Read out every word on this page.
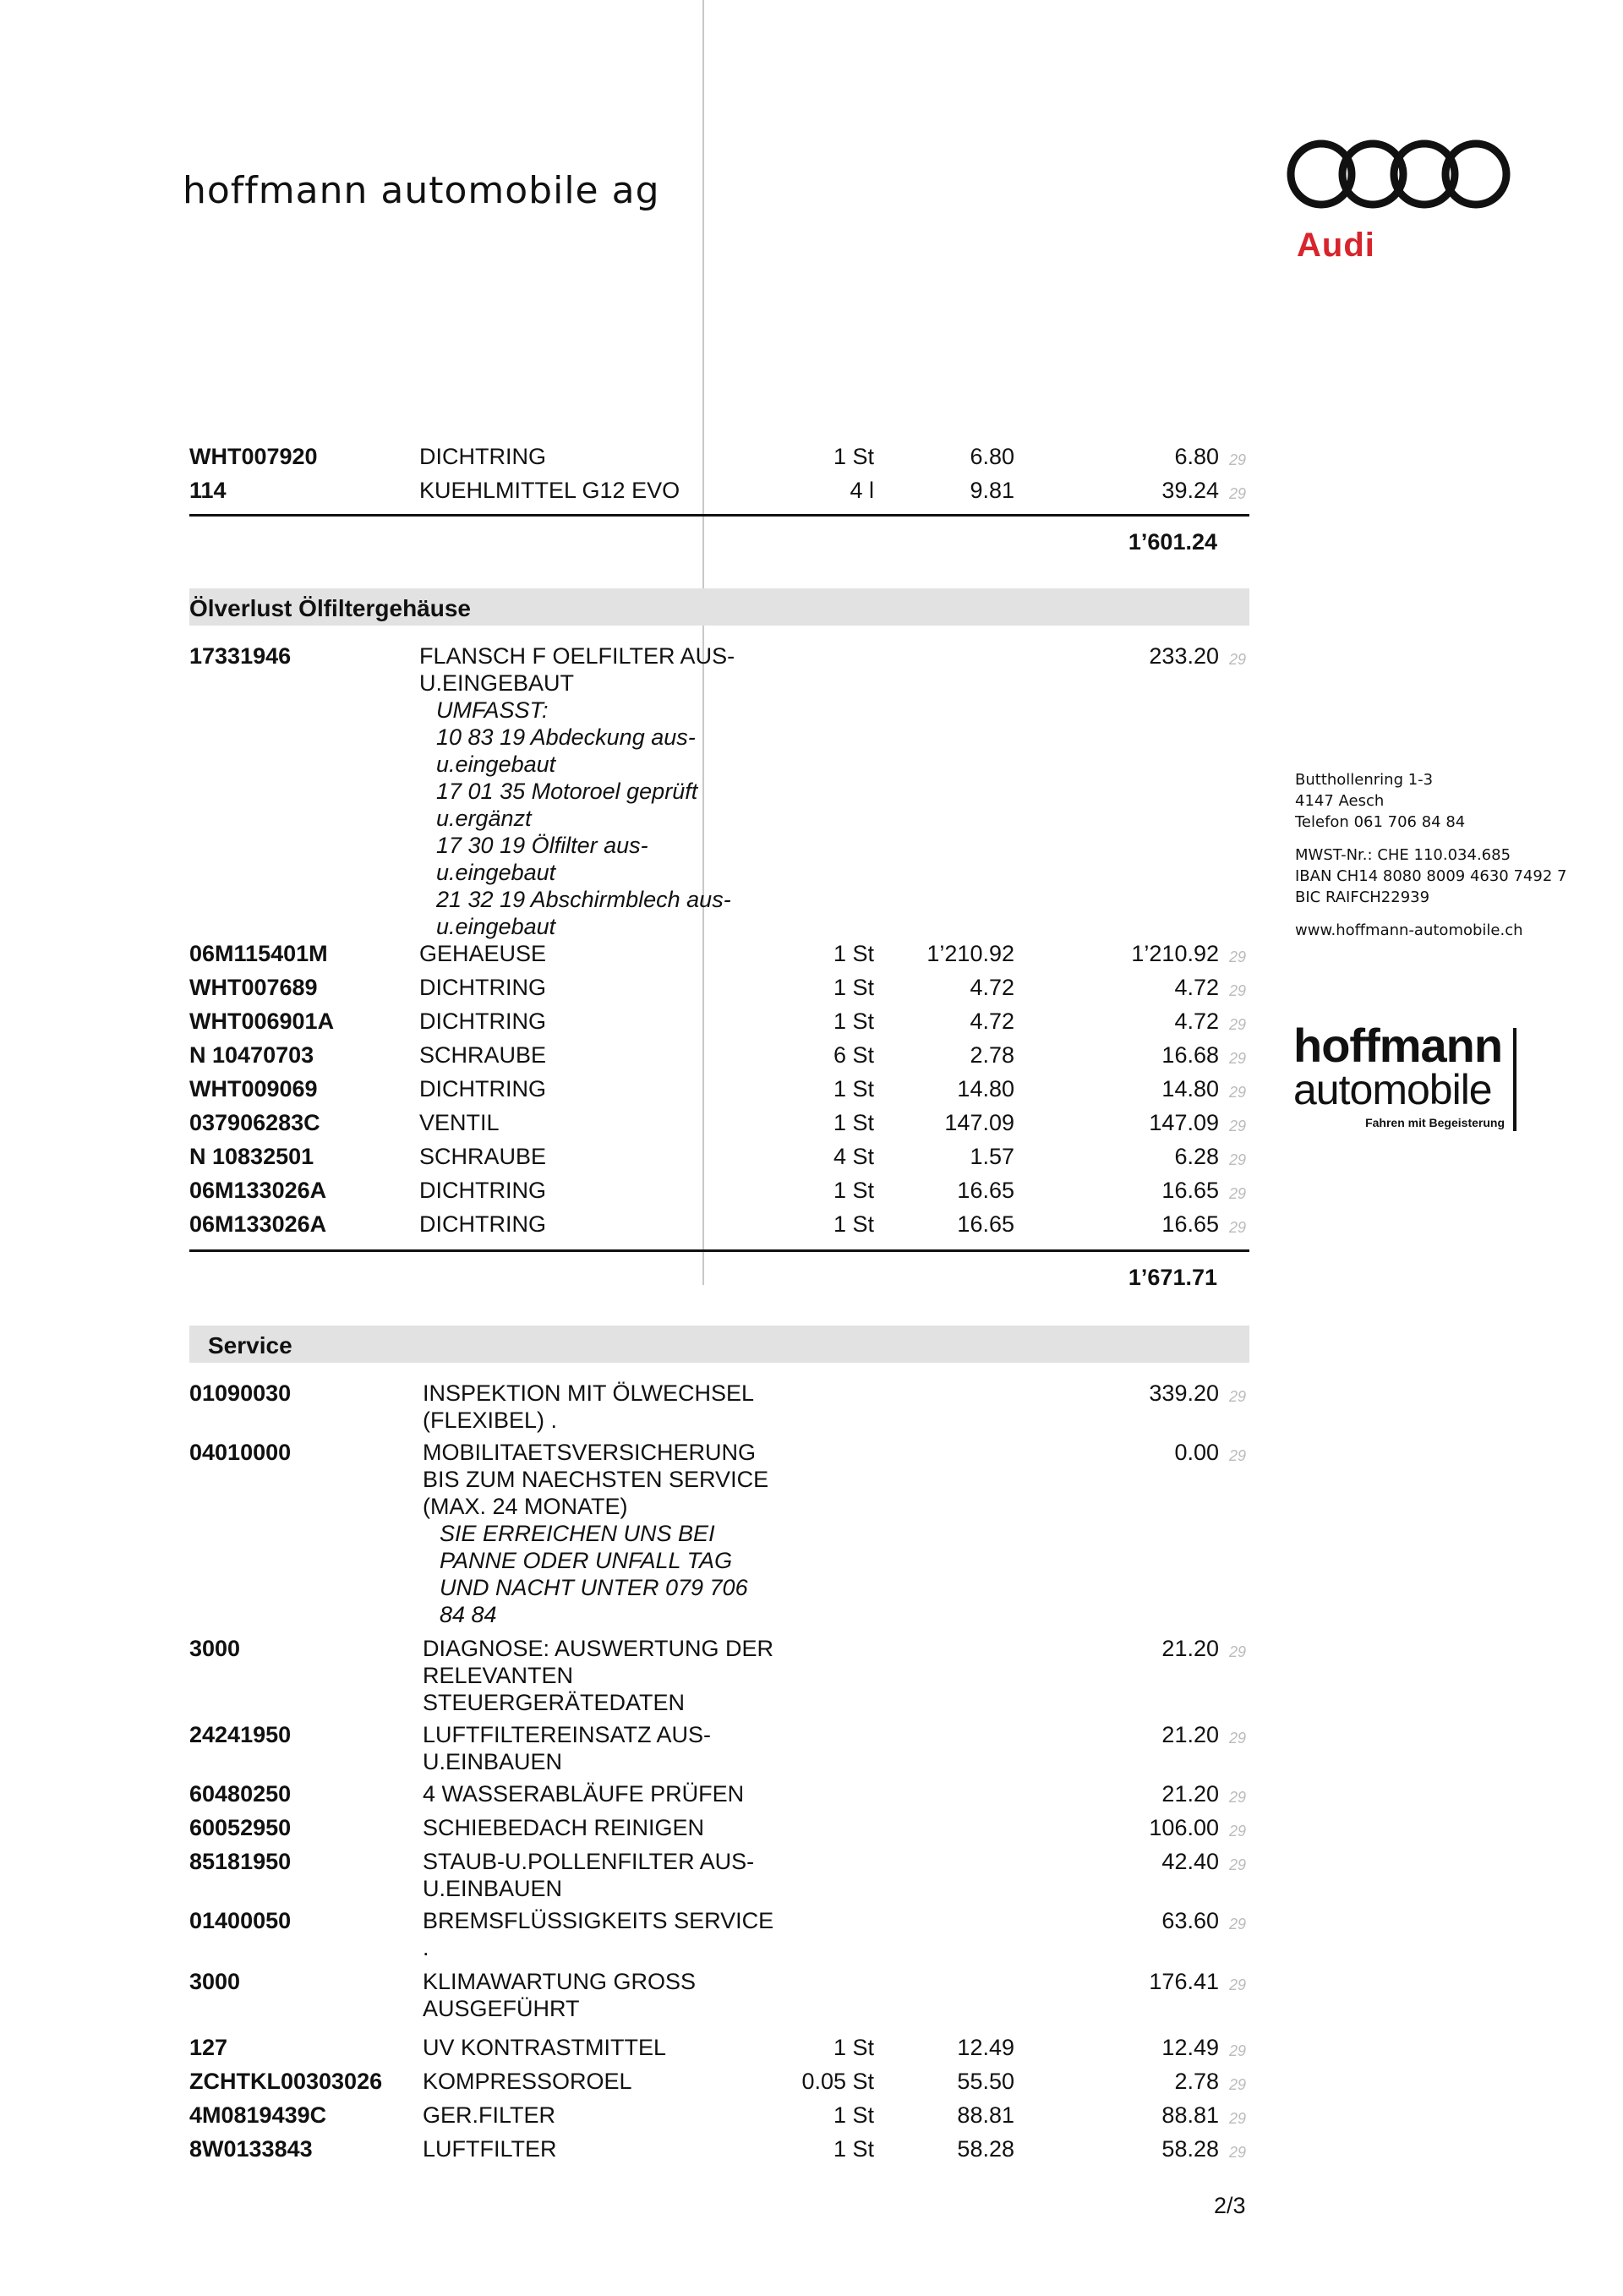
hoffmann automobile ag
Audi
Butthollenring 1-3
4147 Aesch
Telefon 061 706 84 84
MWST-Nr.: CHE 110.034.685
IBAN CH14 8080 8009 4630 7492 7
BIC RAIFCH22939
www.hoffmann-automobile.ch
hoffmann
automobile
Fahren mit Begeisterung
WHT007920	DICHTRING	1 St	6.80	6.80 29
114	KUEHLMITTEL G12 EVO	4 l	9.81	39.24 29
1’601.24
Ölverlust Ölfiltergehäuse
17331946	FLANSCH F OELFILTER AUS-
U.EINGEBAUT
UMFASST:
10 83 19 Abdeckung aus-
u.eingebaut
17 01 35 Motoroel geprüft
u.ergänzt
17 30 19 Ölfilter aus-
u.eingebaut
21 32 19 Abschirmblech aus-
u.eingebaut
233.20 29
06M115401M	GEHAEUSE	1 St 1’210.92	1’210.92 29
WHT007689	DICHTRING	1 St	4.72	4.72 29
WHT006901A	DICHTRING	1 St	4.72	4.72 29
N 10470703	SCHRAUBE	6 St	2.78	16.68 29
WHT009069	DICHTRING	1 St	14.80	14.80 29
037906283C	VENTIL	1 St	147.09	147.09 29
N 10832501	SCHRAUBE	4 St	1.57	6.28 29
06M133026A	DICHTRING	1 St	16.65	16.65 29
06M133026A	DICHTRING	1 St	16.65	16.65 29
1’671.71
Service
01090030	INSPEKTION MIT ÖLWECHSEL
(FLEXIBEL) .
339.20 29
04010000	MOBILITAETSVERSICHERUNG
BIS ZUM NAECHSTEN SERVICE
(MAX. 24 MONATE)
SIE ERREICHEN UNS BEI
PANNE ODER UNFALL TAG
UND NACHT UNTER 079 706
84 84
0.00 29
3000	DIAGNOSE: AUSWERTUNG DER
RELEVANTEN
STEUERGERÄTEDATEN
21.20 29
24241950	LUFTFILTEREINSATZ AUS-
U.EINBAUEN
21.20 29
60480250	4 WASSERABLÄUFE PRÜFEN	21.20 29
60052950	SCHIEBEDACH REINIGEN	106.00 29
85181950	STAUB-U.POLLENFILTER AUS-
U.EINBAUEN
42.40 29
01400050	BREMSFLÜSSIGKEITS SERVICE
.
63.60 29
3000	KLIMAWARTUNG GROSS
AUSGEFÜHRT
176.41 29
127	UV KONTRASTMITTEL	1 St	12.49	12.49 29
ZCHTKL00303026 KOMPRESSOROEL	0.05 St	55.50	2.78 29
4M0819439C	GER.FILTER	1 St	88.81	88.81 29
8W0133843	LUFTFILTER	1 St	58.28	58.28 29
2/3
